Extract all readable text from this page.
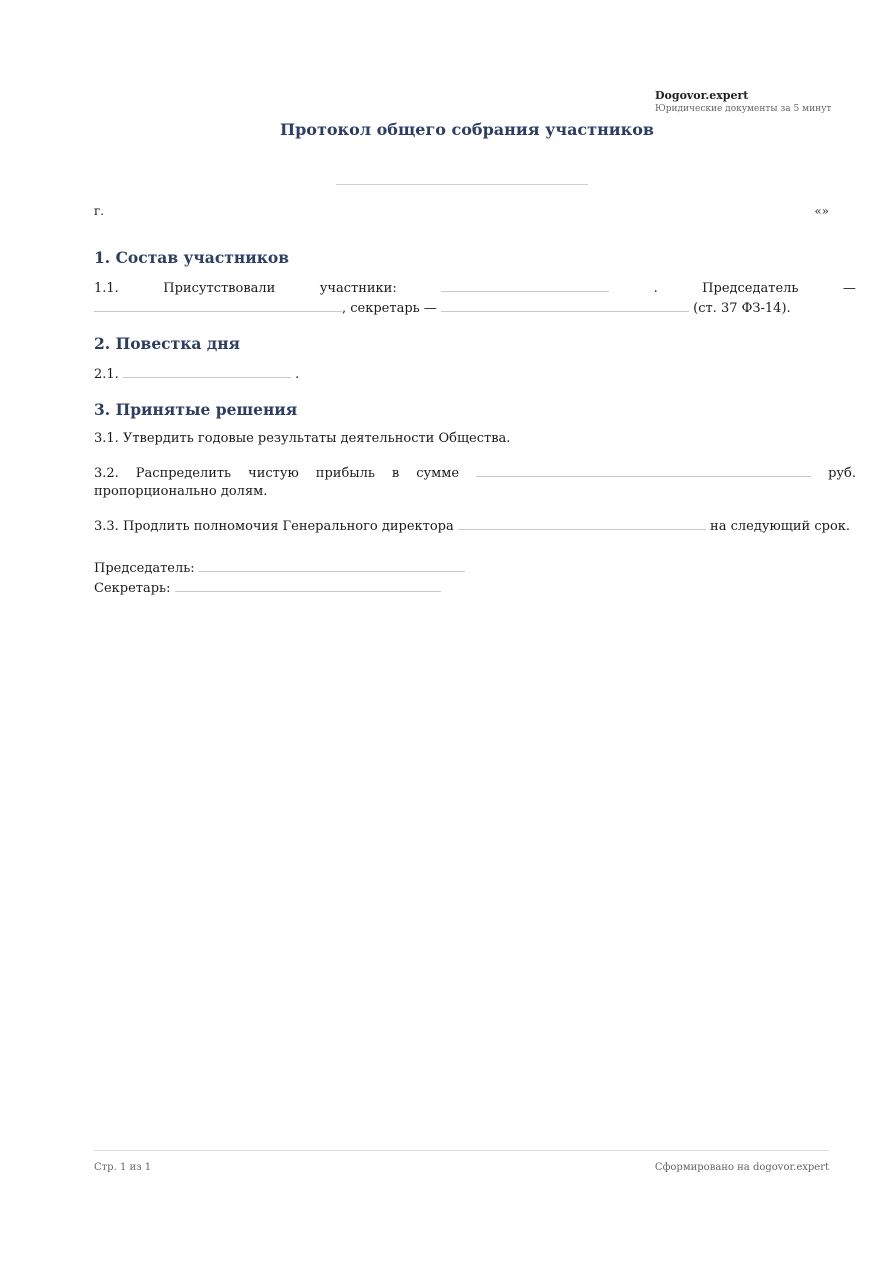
Dogovor.expert
Юридические документы за 5 минут
Протокол общего собрания участников
г.	«»
1. Состав участников
1.1.	Присутствовали	участники:	.	Председатель	—
, секретарь —	(ст. 37 ФЗ-14).
2. Повестка дня

2.1.	.

3. Принятые решения

3.1. Утвердить годовые результаты деятельности Общества.

3.2. Распределить чистую прибыль в сумме	руб. пропорционально долям.

3.3. Продлить полномочия Генерального директора	на следующий срок.

Председатель:

Секретарь:

Стр. 1 из 1	Сформировано на dogovor.expert
